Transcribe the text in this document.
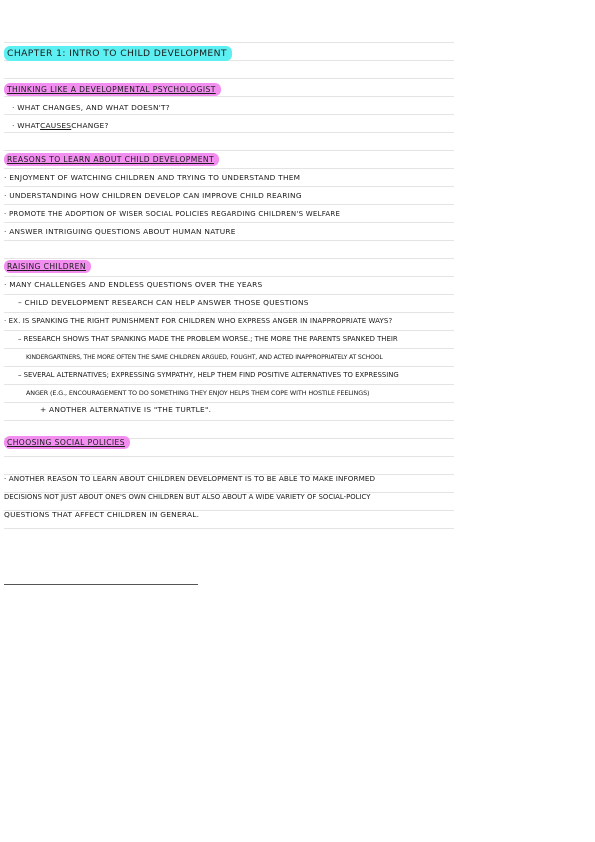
CHAPTER 1: INTRO TO CHILD DEVELOPMENT
THINKING LIKE A DEVELOPMENTAL PSYCHOLOGIST
· WHAT CHANGES, AND WHAT DOESN'T?
· WHATCAUSESCHANGE?
REASONS TO LEARN ABOUT CHILD DEVELOPMENT
· ENJOYMENT OF WATCHING CHILDREN AND TRYING TO UNDERSTAND THEM
· UNDERSTANDING HOW CHILDREN DEVELOP CAN IMPROVE CHILD REARING
· PROMOTE THE ADOPTION OF WISER SOCIAL POLICIES REGARDING CHILDREN'S WELFARE
· ANSWER INTRIGUING QUESTIONS ABOUT HUMAN NATURE
RAISING CHILDREN
· MANY CHALLENGES AND ENDLESS QUESTIONS OVER THE YEARS
– CHILD DEVELOPMENT RESEARCH CAN HELP ANSWER THOSE QUESTIONS
· EX. IS SPANKING THE RIGHT PUNISHMENT FOR CHILDREN WHO EXPRESS ANGER IN INAPPROPRIATE WAYS?
– RESEARCH SHOWS THAT SPANKING MADE THE PROBLEM WORSE.; THE MORE THE PARENTS SPANKED THEIR
KINDERGARTNERS, THE MORE OFTEN THE SAME CHILDREN ARGUED, FOUGHT, AND ACTED INAPPROPRIATELY AT SCHOOL
– SEVERAL ALTERNATIVES; EXPRESSING SYMPATHY, HELP THEM FIND POSITIVE ALTERNATIVES TO EXPRESSING
ANGER (E.G., ENCOURAGEMENT TO DO SOMETHING THEY ENJOY HELPS THEM COPE WITH HOSTILE FEELINGS)
+ ANOTHER ALTERNATIVE IS "THE TURTLE".
CHOOSING SOCIAL POLICIES
· ANOTHER REASON TO LEARN ABOUT CHILDREN DEVELOPMENT IS TO BE ABLE TO MAKE INFORMED
DECISIONS NOT JUST ABOUT ONE'S OWN CHILDREN BUT ALSO ABOUT A WIDE VARIETY OF SOCIAL-POLICY
QUESTIONS THAT AFFECT CHILDREN IN GENERAL.
